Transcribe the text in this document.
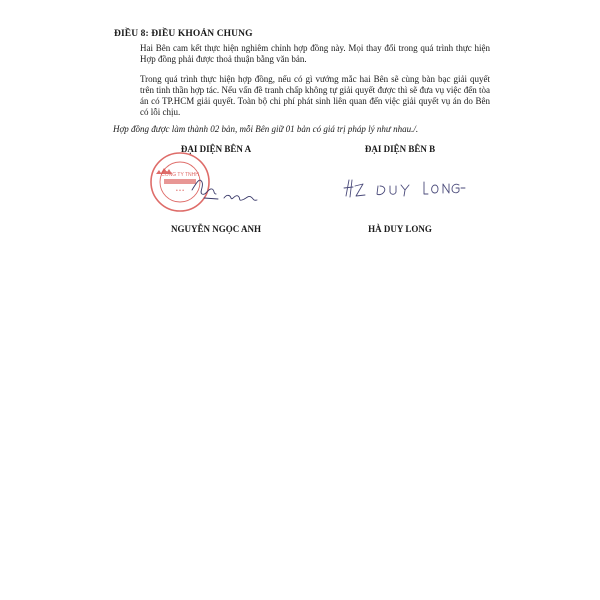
ĐIỀU 8: ĐIỀU KHOẢN CHUNG
Hai Bên cam kết thực hiện nghiêm chỉnh hợp đồng này. Mọi thay đổi trong quá trình thực hiện Hợp đồng phải được thoả thuận bằng văn bản.
Trong quá trình thực hiện hợp đồng, nếu có gì vướng mắc hai Bên sẽ cùng bàn bạc giải quyết trên tinh thần hợp tác. Nếu vấn đề tranh chấp không tự giải quyết được thì sẽ đưa vụ việc đến tòa án có TP.HCM giải quyết. Toàn bộ chi phí phát sinh liên quan đến việc giải quyết vụ án do Bên có lỗi chịu.
Hợp đồng được làm thành 02 bản, mỗi Bên giữ 01 bản có giá trị pháp lý như nhau./.
ĐẠI DIỆN BÊN A	ĐẠI DIỆN BÊN B
CÔNG TY TNHH
• • •
NGUYỄN NGỌC ANH	HÀ DUY LONG
